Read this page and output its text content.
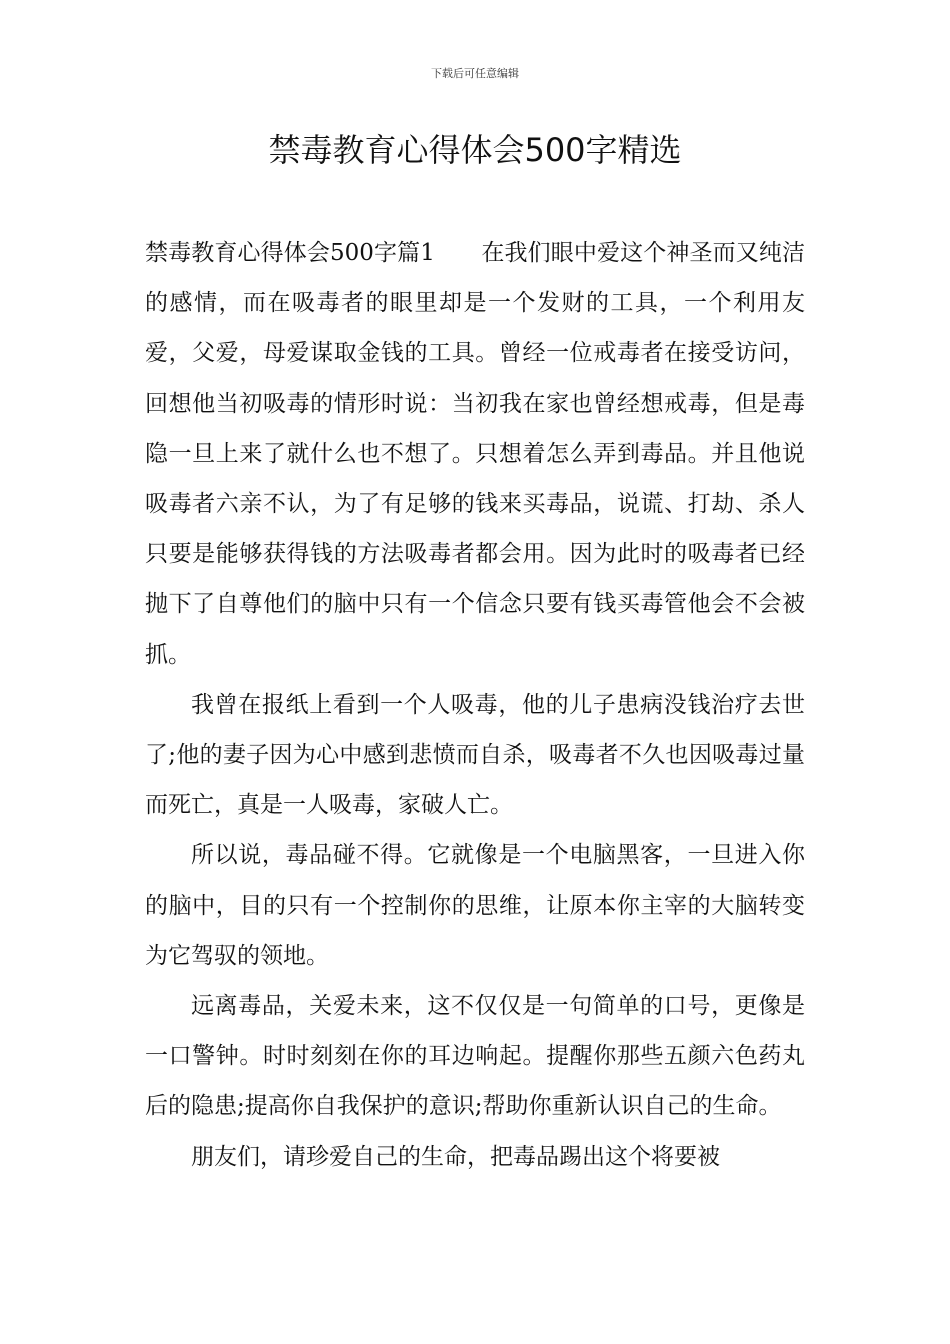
下载后可任意编辑
禁毒教育心得体会500字精选

禁毒教育心得体会500字篇1　　在我们眼中爱这个神圣而又纯洁的感情，而在吸毒者的眼里却是一个发财的工具，一个利用友爱，父爱，母爱谋取金钱的工具。曾经一位戒毒者在接受访问，回想他当初吸毒的情形时说：当初我在家也曾经想戒毒，但是毒隐一旦上来了就什么也不想了。只想着怎么弄到毒品。并且他说吸毒者六亲不认，为了有足够的钱来买毒品，说谎、打劫、杀人只要是能够获得钱的方法吸毒者都会用。因为此时的吸毒者已经抛下了自尊他们的脑中只有一个信念只要有钱买毒管他会不会被抓。

我曾在报纸上看到一个人吸毒，他的儿子患病没钱治疗去世了;他的妻子因为心中感到悲愤而自杀，吸毒者不久也因吸毒过量而死亡，真是一人吸毒，家破人亡。

所以说，毒品碰不得。它就像是一个电脑黑客，一旦进入你的脑中，目的只有一个控制你的思维，让原本你主宰的大脑转变为它驾驭的领地。

远离毒品，关爱未来，这不仅仅是一句简单的口号，更像是一口警钟。时时刻刻在你的耳边响起。提醒你那些五颜六色药丸后的隐患;提高你自我保护的意识;帮助你重新认识自己的生命。

朋友们，请珍爱自己的生命，把毒品踢出这个将要被
